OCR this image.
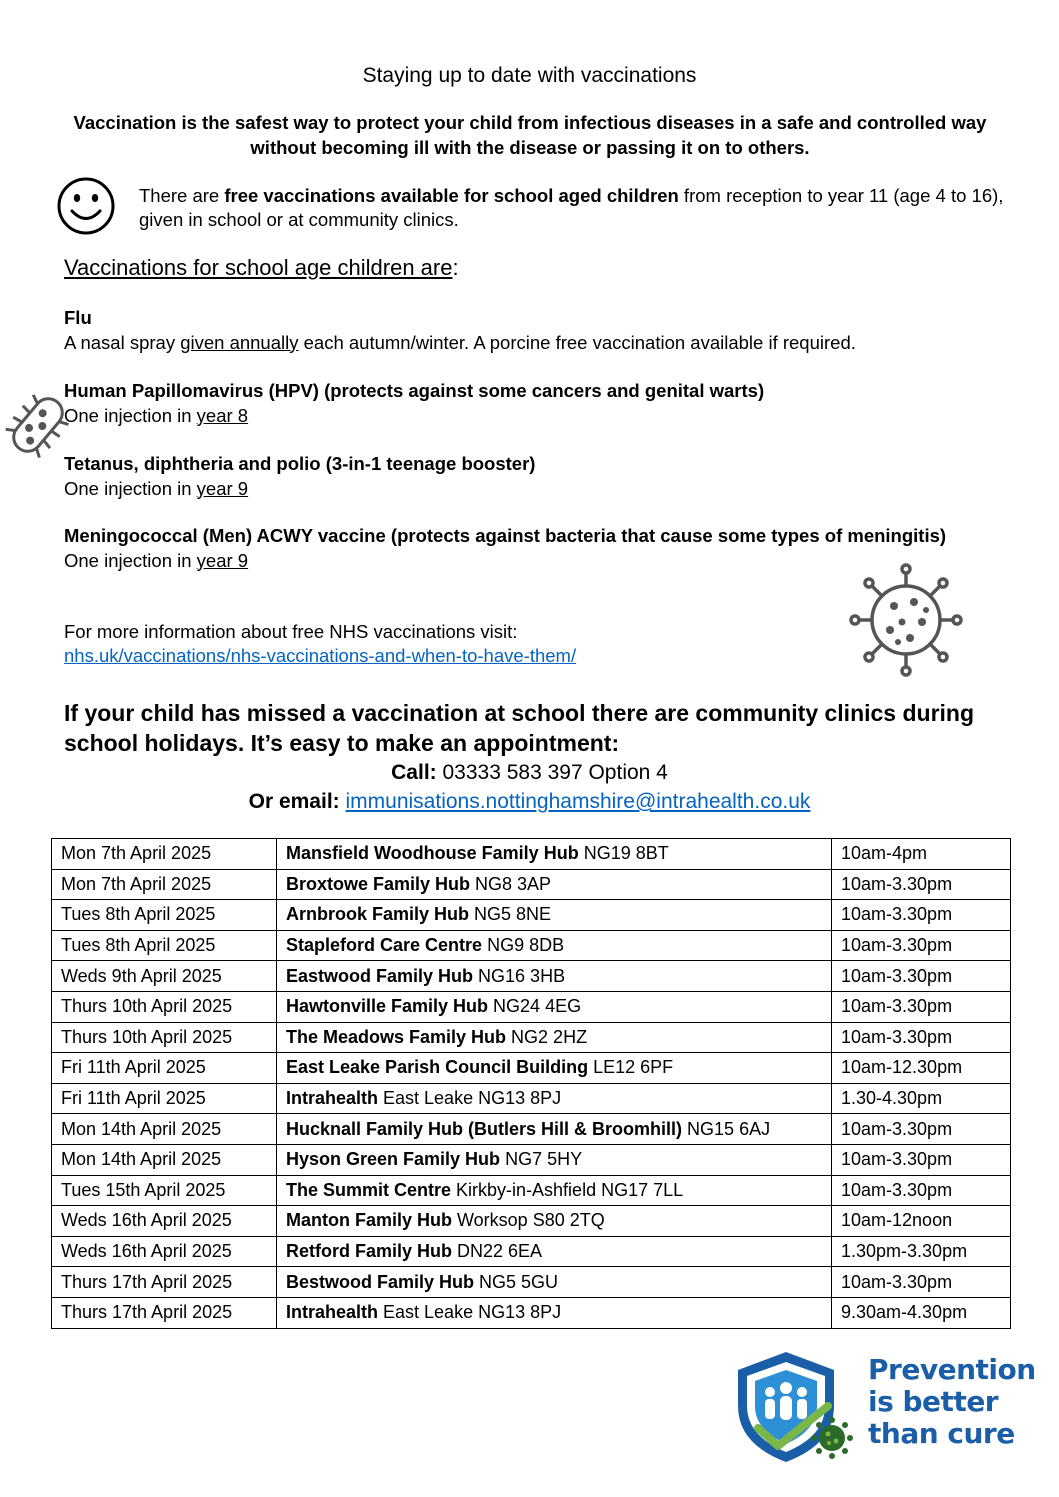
Staying up to date with vaccinations
Vaccination is the safest way to protect your child from infectious diseases in a safe and controlled way without becoming ill with the disease or passing it on to others.
There are free vaccinations available for school aged children from reception to year 11 (age 4 to 16), given in school or at community clinics.
Vaccinations for school age children are:
Flu
A nasal spray given annually each autumn/winter. A porcine free vaccination available if required.
Human Papillomavirus (HPV) (protects against some cancers and genital warts)
One injection in year 8
Tetanus, diphtheria and polio (3-in-1 teenage booster)
One injection in year 9
Meningococcal (Men) ACWY vaccine (protects against bacteria that cause some types of meningitis)
One injection in year 9
For more information about free NHS vaccinations visit:
nhs.uk/vaccinations/nhs-vaccinations-and-when-to-have-them/
If your child has missed a vaccination at school there are community clinics during school holidays. It’s easy to make an appointment:
Call: 03333 583 397 Option 4
Or email: immunisations.nottinghamshire@intrahealth.co.uk
Mon 7th April 2025	Mansfield Woodhouse Family Hub NG19 8BT	10am-4pm
Mon 7th April 2025	Broxtowe Family Hub NG8 3AP	10am-3.30pm
Tues 8th April 2025	Arnbrook Family Hub NG5 8NE	10am-3.30pm
Tues 8th April 2025	Stapleford Care Centre NG9 8DB	10am-3.30pm
Weds 9th April 2025	Eastwood Family Hub NG16 3HB	10am-3.30pm
Thurs 10th April 2025	Hawtonville Family Hub NG24 4EG	10am-3.30pm
Thurs 10th April 2025	The Meadows Family Hub NG2 2HZ	10am-3.30pm
Fri 11th April 2025	East Leake Parish Council Building LE12 6PF	10am-12.30pm
Fri 11th April 2025	Intrahealth East Leake NG13 8PJ	1.30-4.30pm
Mon 14th April 2025	Hucknall Family Hub (Butlers Hill & Broomhill) NG15 6AJ	10am-3.30pm
Mon 14th April 2025	Hyson Green Family Hub NG7 5HY	10am-3.30pm
Tues 15th April 2025	The Summit Centre Kirkby-in-Ashfield NG17 7LL	10am-3.30pm
Weds 16th April 2025	Manton Family Hub Worksop S80 2TQ	10am-12noon
Weds 16th April 2025	Retford Family Hub DN22 6EA	1.30pm-3.30pm
Thurs 17th April 2025	Bestwood Family Hub NG5 5GU	10am-3.30pm
Thurs 17th April 2025	Intrahealth East Leake NG13 8PJ	9.30am-4.30pm
Prevention
is better
than cure
